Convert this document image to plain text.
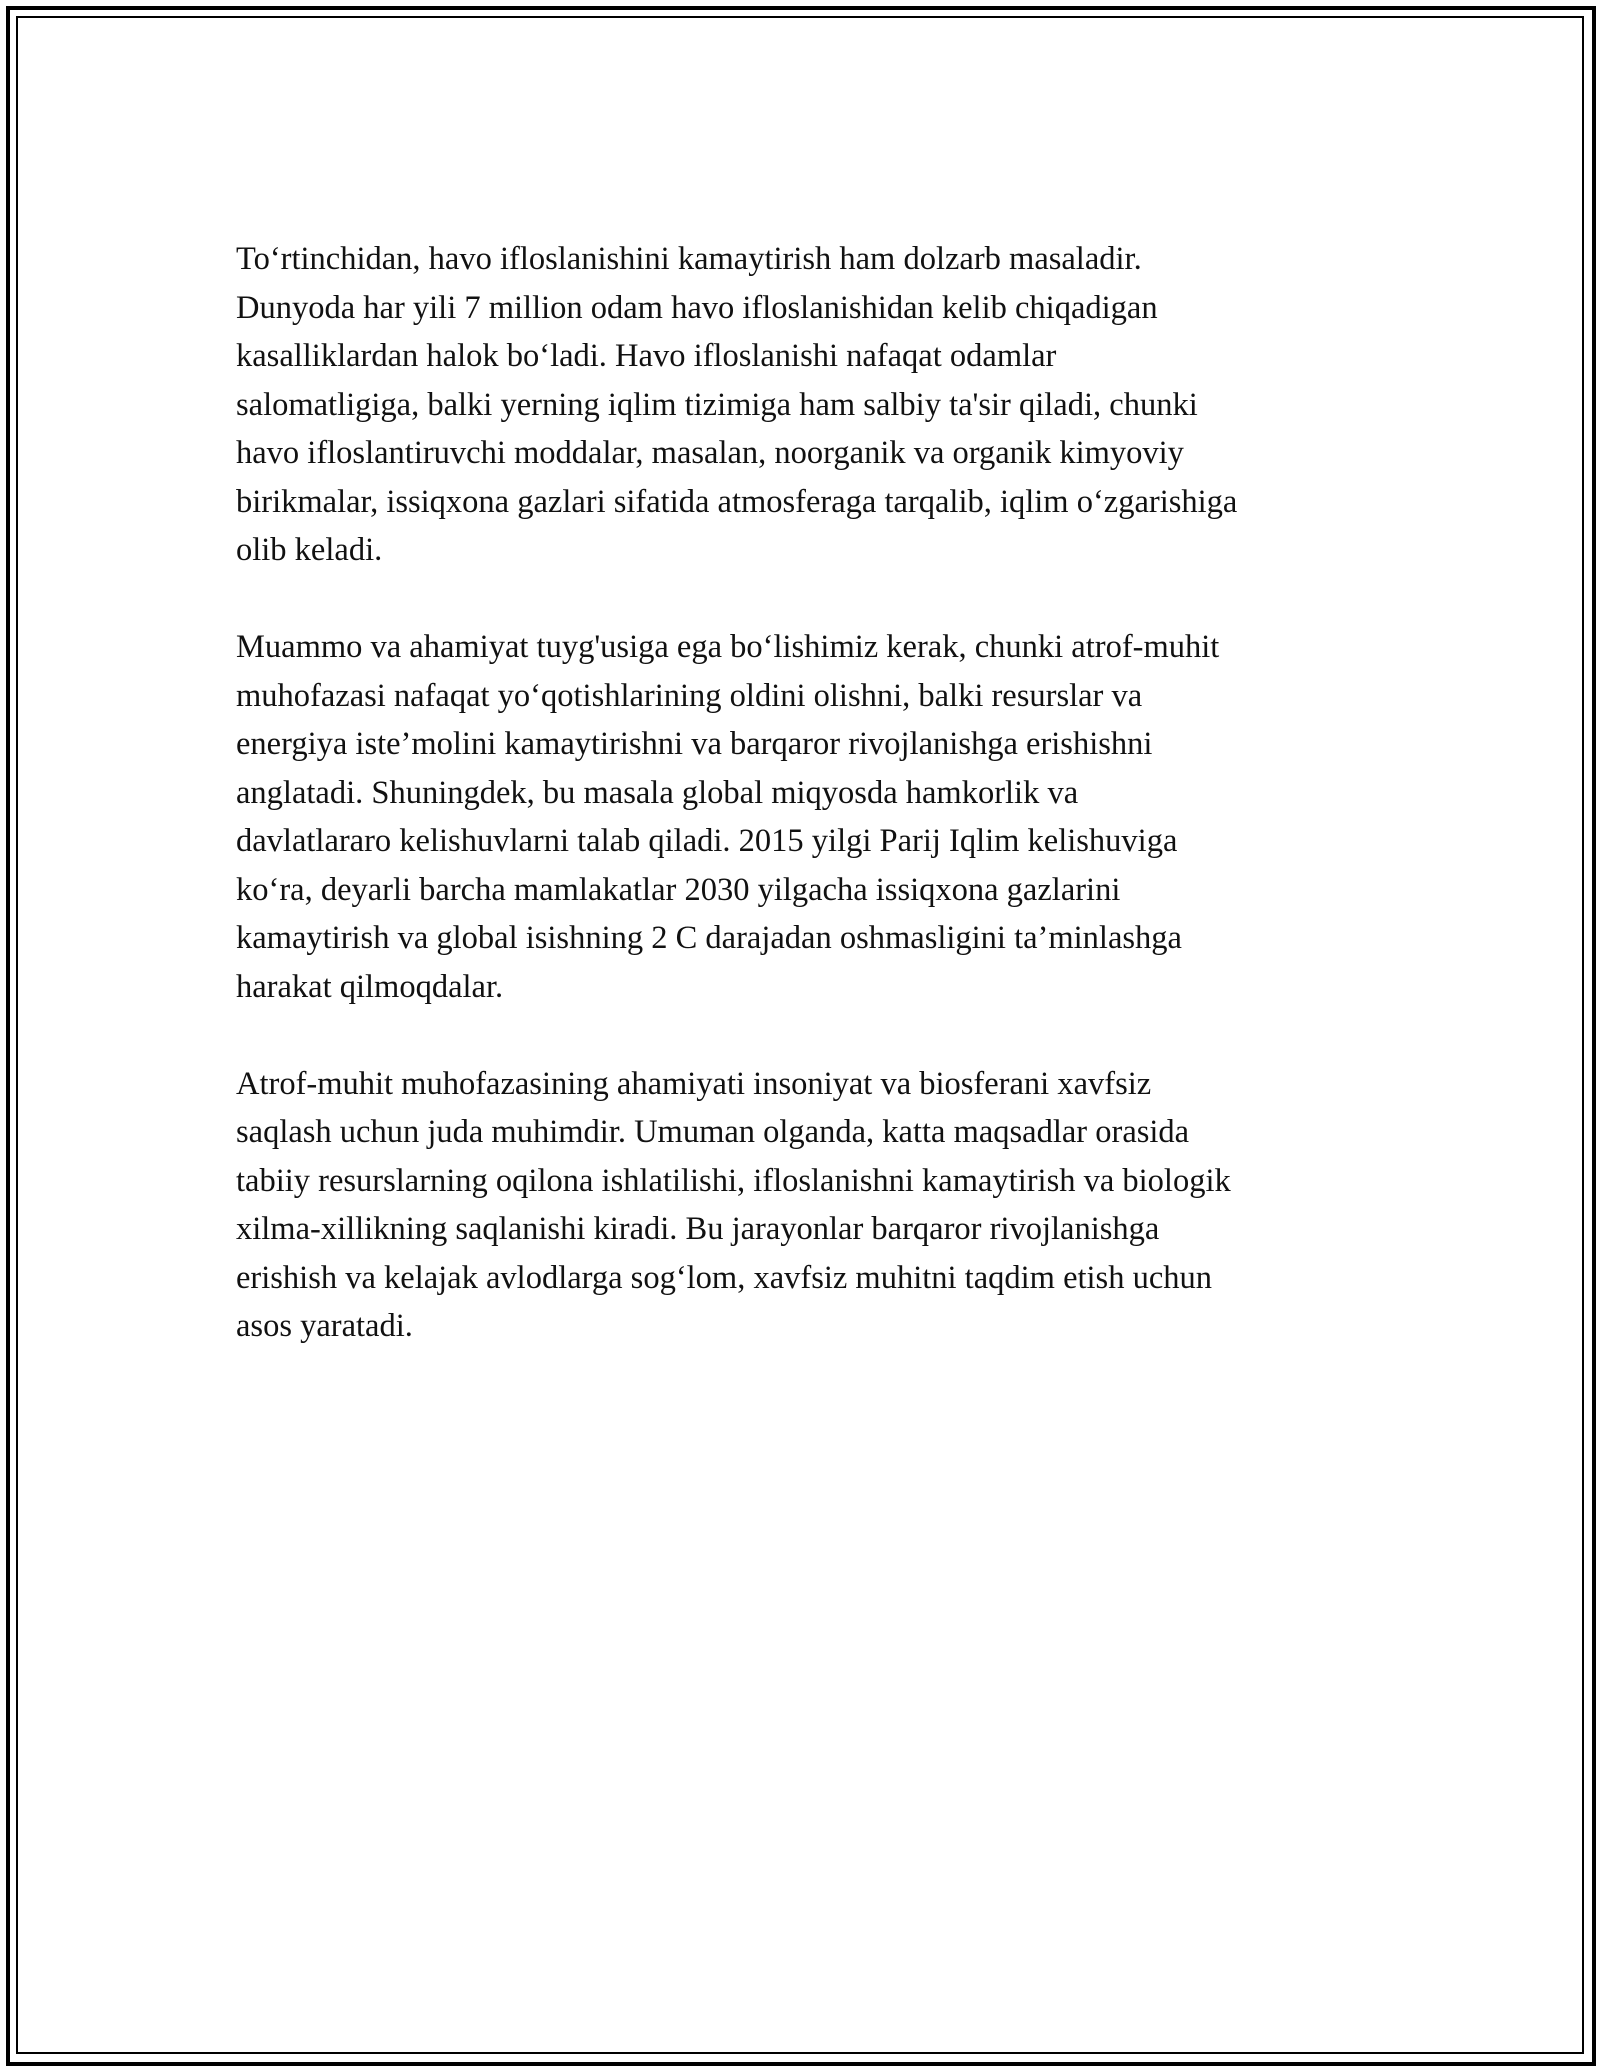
To‘rtinchidan, havo ifloslanishini kamaytirish ham dolzarb masaladir.
Dunyoda har yili 7 million odam havo ifloslanishidan kelib chiqadigan
kasalliklardan halok bo‘ladi. Havo ifloslanishi nafaqat odamlar
salomatligiga, balki yerning iqlim tizimiga ham salbiy ta'sir qiladi, chunki
havo ifloslantiruvchi moddalar, masalan, noorganik va organik kimyoviy
birikmalar, issiqxona gazlari sifatida atmosferaga tarqalib, iqlim o‘zgarishiga
olib keladi.

Muammo va ahamiyat tuyg'usiga ega bo‘lishimiz kerak, chunki atrof-muhit
muhofazasi nafaqat yo‘qotishlarining oldini olishni, balki resurslar va
energiya iste’molini kamaytirishni va barqaror rivojlanishga erishishni
anglatadi. Shuningdek, bu masala global miqyosda hamkorlik va
davlatlararo kelishuvlarni talab qiladi. 2015 yilgi Parij Iqlim kelishuviga
ko‘ra, deyarli barcha mamlakatlar 2030 yilgacha issiqxona gazlarini
kamaytirish va global isishning 2 C darajadan oshmasligini ta’minlashga
harakat qilmoqdalar.

Atrof-muhit muhofazasining ahamiyati insoniyat va biosferani xavfsiz
saqlash uchun juda muhimdir. Umuman olganda, katta maqsadlar orasida
tabiiy resurslarning oqilona ishlatilishi, ifloslanishni kamaytirish va biologik
xilma-xillikning saqlanishi kiradi. Bu jarayonlar barqaror rivojlanishga
erishish va kelajak avlodlarga sog‘lom, xavfsiz muhitni taqdim etish uchun
asos yaratadi.
